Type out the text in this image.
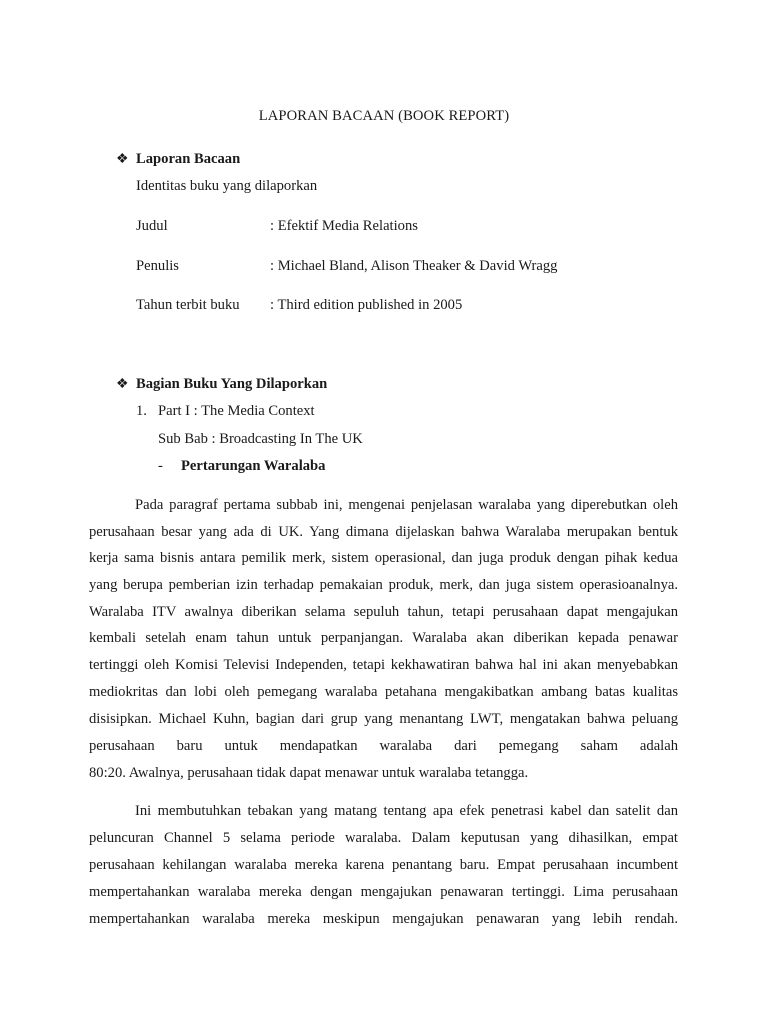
LAPORAN BACAAN (BOOK REPORT)
❖ Laporan Bacaan
Identitas buku yang dilaporkan
Judul	: Efektif Media Relations
Penulis	: Michael Bland, Alison Theaker & David Wragg
Tahun terbit buku : Third edition published in 2005
❖ Bagian Buku Yang Dilaporkan
1. Part I : The Media Context
Sub Bab : Broadcasting In The UK
- Pertarungan Waralaba
Pada paragraf pertama subbab ini, mengenai penjelasan waralaba yang diperebutkan oleh
perusahaan besar yang ada di UK. Yang dimana dijelaskan bahwa Waralaba merupakan bentuk
kerja sama bisnis antara pemilik merk, sistem operasional, dan juga produk dengan pihak kedua
yang berupa pemberian izin terhadap pemakaian produk, merk, dan juga sistem operasioanalnya.
Waralaba ITV awalnya diberikan selama sepuluh tahun, tetapi perusahaan dapat mengajukan
kembali setelah enam tahun untuk perpanjangan. Waralaba akan diberikan kepada penawar
tertinggi oleh Komisi Televisi Independen, tetapi kekhawatiran bahwa hal ini akan menyebabkan
mediokritas dan lobi oleh pemegang waralaba petahana mengakibatkan ambang batas kualitas
disisipkan. Michael Kuhn, bagian dari grup yang menantang LWT, mengatakan bahwa peluang
perusahaan baru untuk mendapatkan waralaba dari pemegang saham adalah
80:20. Awalnya, perusahaan tidak dapat menawar untuk waralaba tetangga.
Ini membutuhkan tebakan yang matang tentang apa efek penetrasi kabel dan satelit dan
peluncuran Channel 5 selama periode waralaba. Dalam keputusan yang dihasilkan, empat
perusahaan kehilangan waralaba mereka karena penantang baru. Empat perusahaan incumbent
mempertahankan waralaba mereka dengan mengajukan penawaran tertinggi. Lima perusahaan
mempertahankan waralaba mereka meskipun mengajukan penawaran yang lebih rendah.
